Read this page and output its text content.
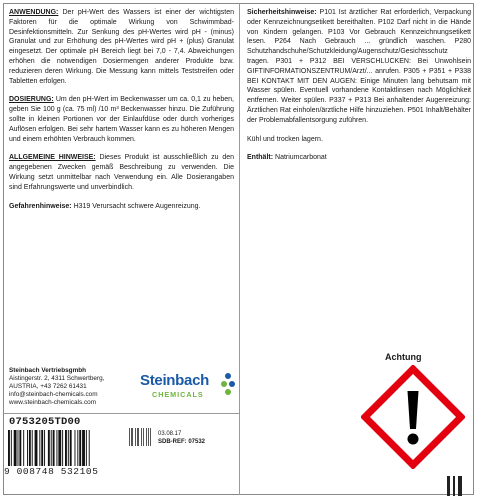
ANWENDUNG: Der pH-Wert des Wassers ist einer der wichtigsten Faktoren für die optimale Wirkung von Schwimmbad-Desinfektionsmitteln. Zur Senkung des pH-Wertes wird pH - (minus) Granulat und zur Erhöhung des pH-Wertes wird pH + (plus) Granulat eingesetzt. Der optimale pH Bereich liegt bei 7,0 - 7,4. Abweichungen erhöhen die notwendigen Dosiermengen anderer Produkte bzw. reduzieren deren Wirkung. Die Messung kann mittels Teststreifen oder Tabletten erfolgen.

DOSIERUNG: Um den pH-Wert im Beckenwasser um ca. 0,1 zu heben, geben Sie 100 g (ca. 75 ml) /10 m³ Beckenwasser hinzu. Die Zuführung sollte in kleinen Portionen vor der Einlaufdüse oder durch vorheriges Auflösen erfolgen. Bei sehr hartem Wasser kann es zu höheren Mengen und einem erhöhten Verbrauch kommen.

ALLGEMEINE HINWEISE: Dieses Produkt ist ausschließlich zu den angegebenen Zwecken gemäß Beschreibung zu verwenden. Die Wirkung setzt unmittelbar nach Verwendung ein. Alle Dosierangaben sind Erfahrungswerte und unverbindlich.

Gefahrenhinweise: H319 Verursacht schwere Augenreizung.

Sicherheitshinweise: P101 Ist ärztlicher Rat erforderlich, Verpackung oder Kennzeichnungsetikett bereithalten. P102 Darf nicht in die Hände von Kindern gelangen. P103 Vor Gebrauch Kennzeichnungsetikett lesen. P264 Nach Gebrauch ... gründlich waschen. P280 Schutzhandschuhe/Schutzkleidung/Augenschutz/Gesichtsschutz tragen. P301 + P312 BEI VERSCHLUCKEN: Bei Unwohlsein GIFTINFORMATIONSZENTRUM/Arzt/... anrufen. P305 + P351 + P338 BEI KONTAKT MIT DEN AUGEN: Einige Minuten lang behutsam mit Wasser spülen. Eventuell vorhandene Kontaktlinsen nach Möglichkeit entfernen. Weiter spülen. P337 + P313 Bei anhaltender Augenreizung: Ärztlichen Rat einholen/ärztliche Hilfe hinzuziehen. P501 Inhalt/Behälter der Problemabfallentsorgung zuführen.

Kühl und trocken lagern.

Enthält: Natriumcarbonat

Steinbach Vertriebsgmbh
Aistingerstr. 2, 4311 Schwertberg,
AUSTRIA, +43 7262 61431
info@steinbach-chemicals.com
www.steinbach-chemicals.com
Steinbach
CHEMICALS
0753205TD00
9 008748 532105
03.08.17
SDB-REF: 07532
Achtung
